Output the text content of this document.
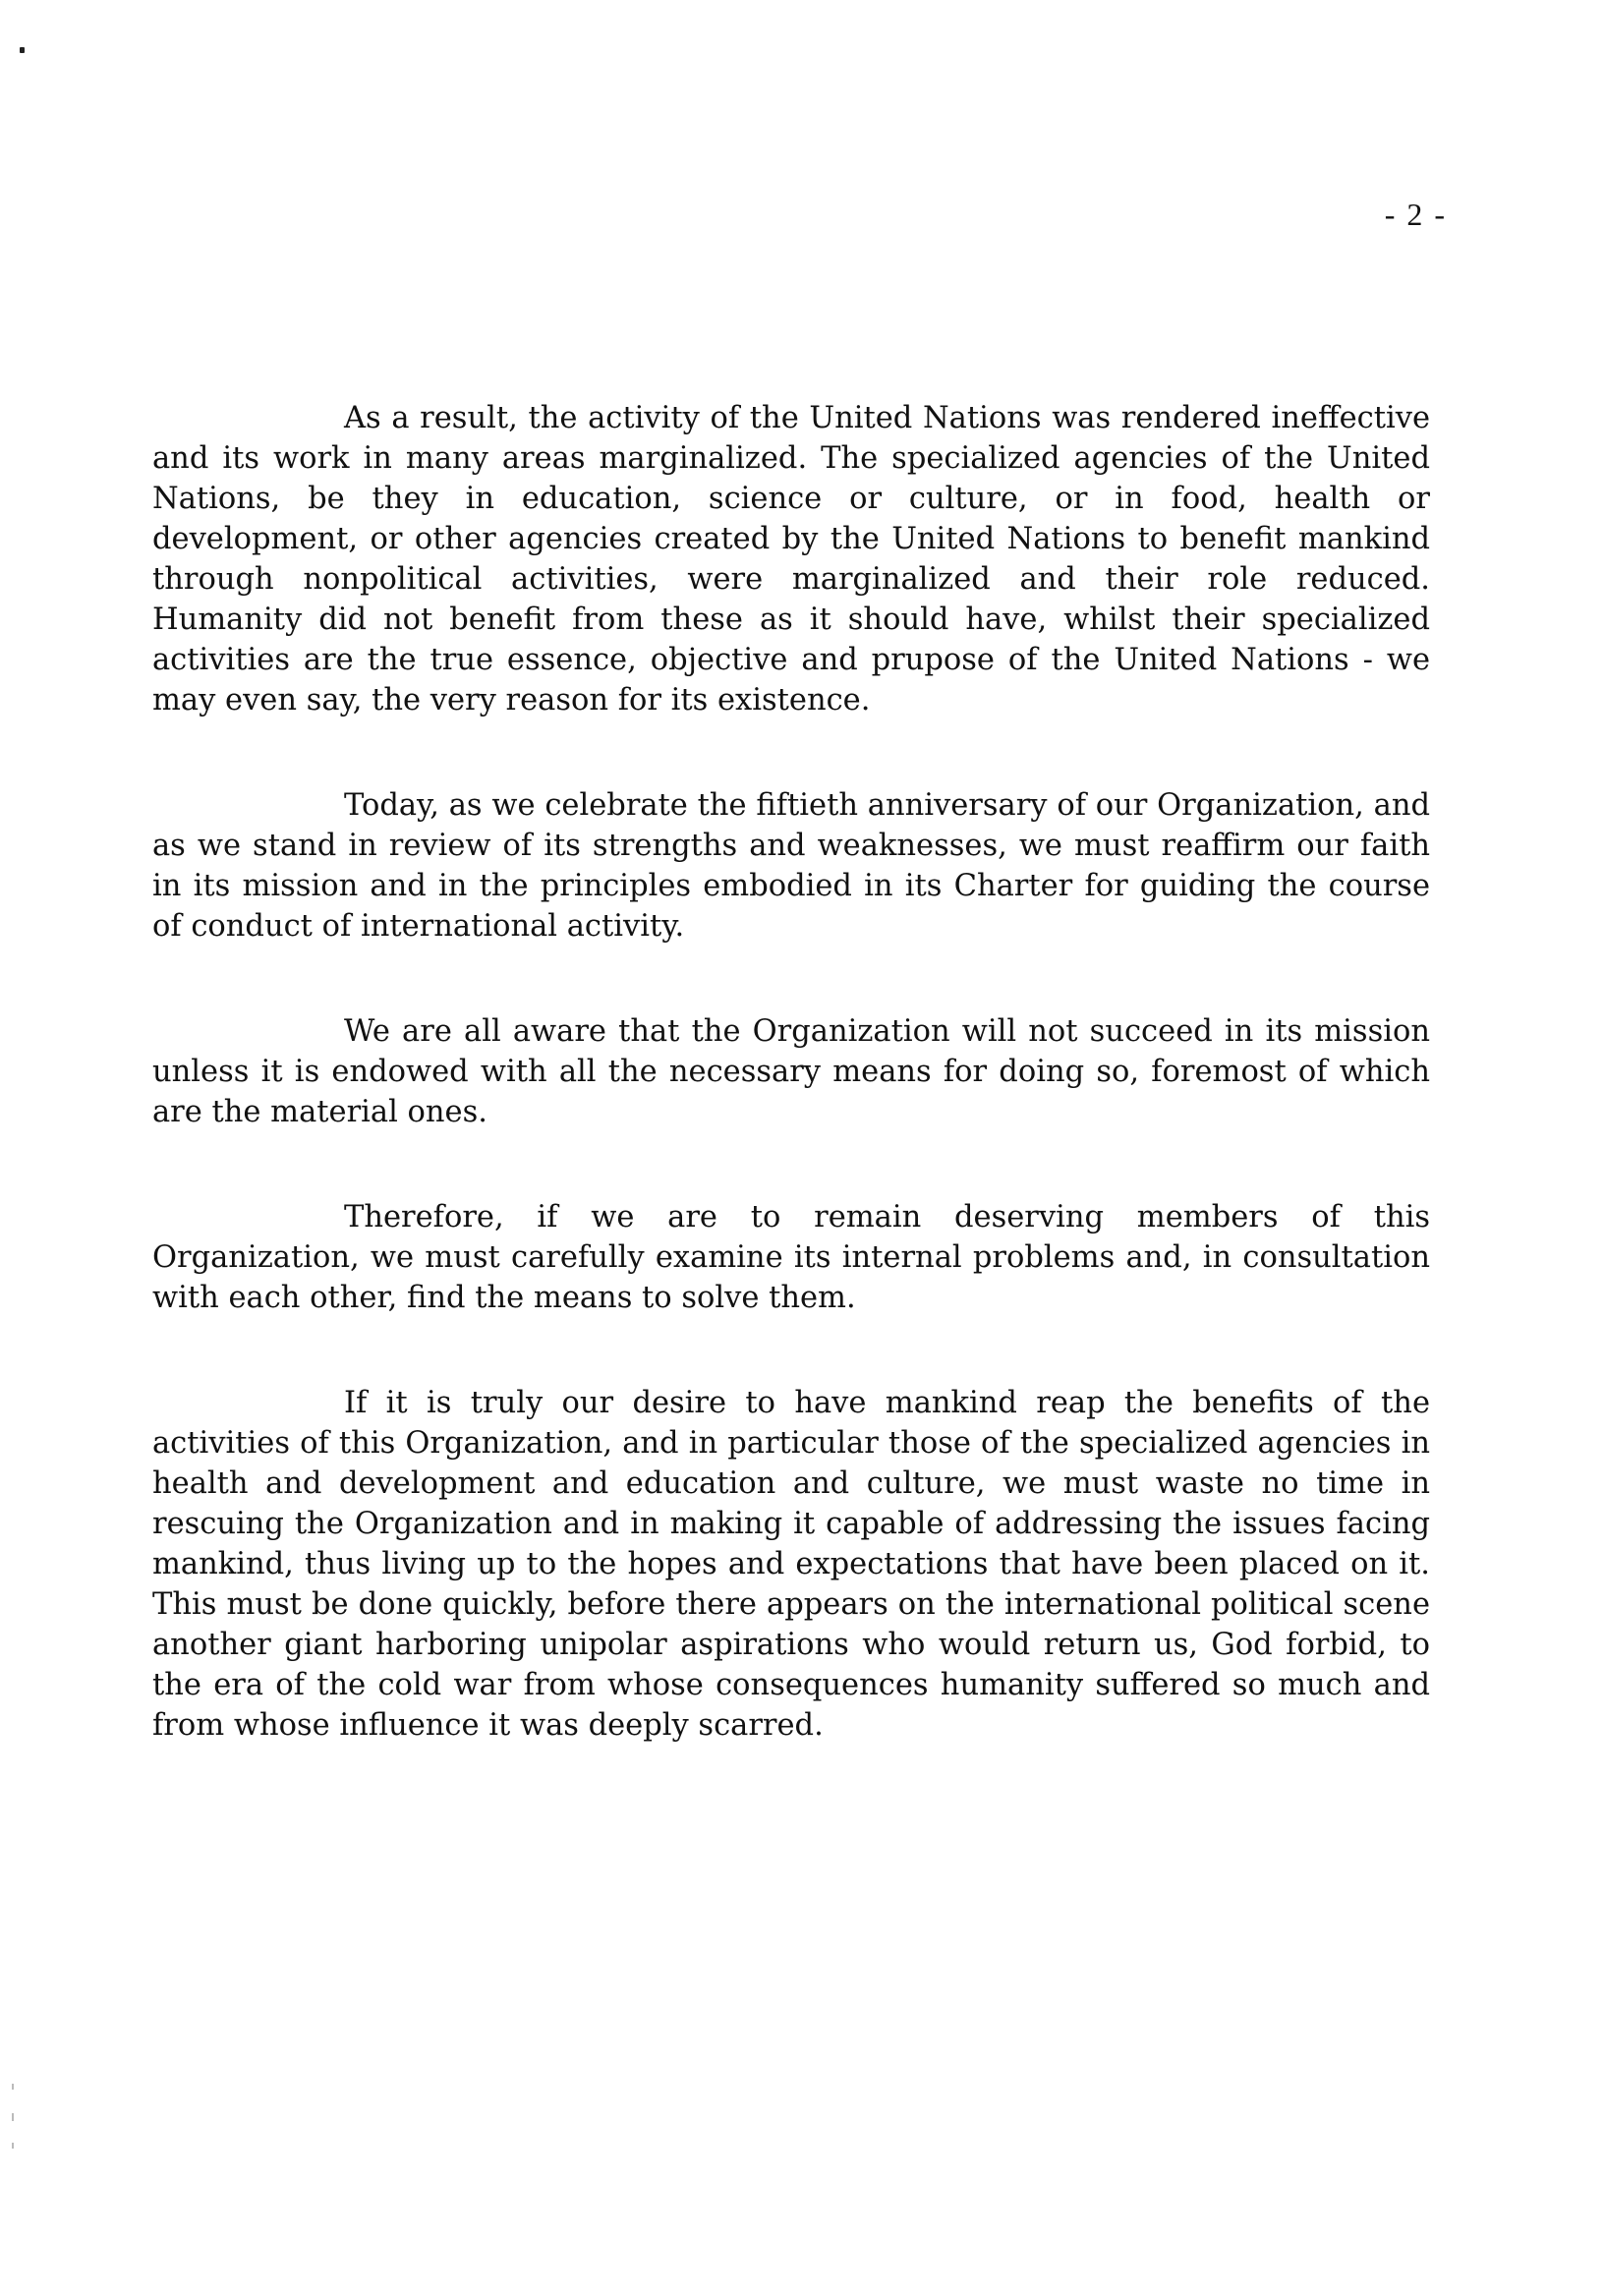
- 2 -

As a result, the activity of the United Nations was rendered ineffective and its work in many areas marginalized. The specialized agencies of the United Nations, be they in education, science or culture, or in food, health or development, or other agencies created by the United Nations to benefit mankind through nonpolitical activities, were marginalized and their role reduced. Humanity did not benefit from these as it should have, whilst their specialized activities are the true essence, objective and prupose of the United Nations - we may even say, the very reason for its existence.

Today, as we celebrate the fiftieth anniversary of our Organization, and as we stand in review of its strengths and weaknesses, we must reaffirm our faith in its mission and in the principles embodied in its Charter for guiding the course of conduct of international activity.

We are all aware that the Organization will not succeed in its mission unless it is endowed with all the necessary means for doing so, foremost of which are the material ones.

Therefore, if we are to remain deserving members of this Organization, we must carefully examine its internal problems and, in consultation with each other, find the means to solve them.

If it is truly our desire to have mankind reap the benefits of the activities of this Organization, and in particular those of the specialized agencies in health and development and education and culture, we must waste no time in rescuing the Organization and in making it capable of addressing the issues facing mankind, thus living up to the hopes and expectations that have been placed on it. This must be done quickly, before there appears on the international political scene another giant harboring unipolar aspirations who would return us, God forbid, to the era of the cold war from whose consequences humanity suffered so much and from whose influence it was deeply scarred.
